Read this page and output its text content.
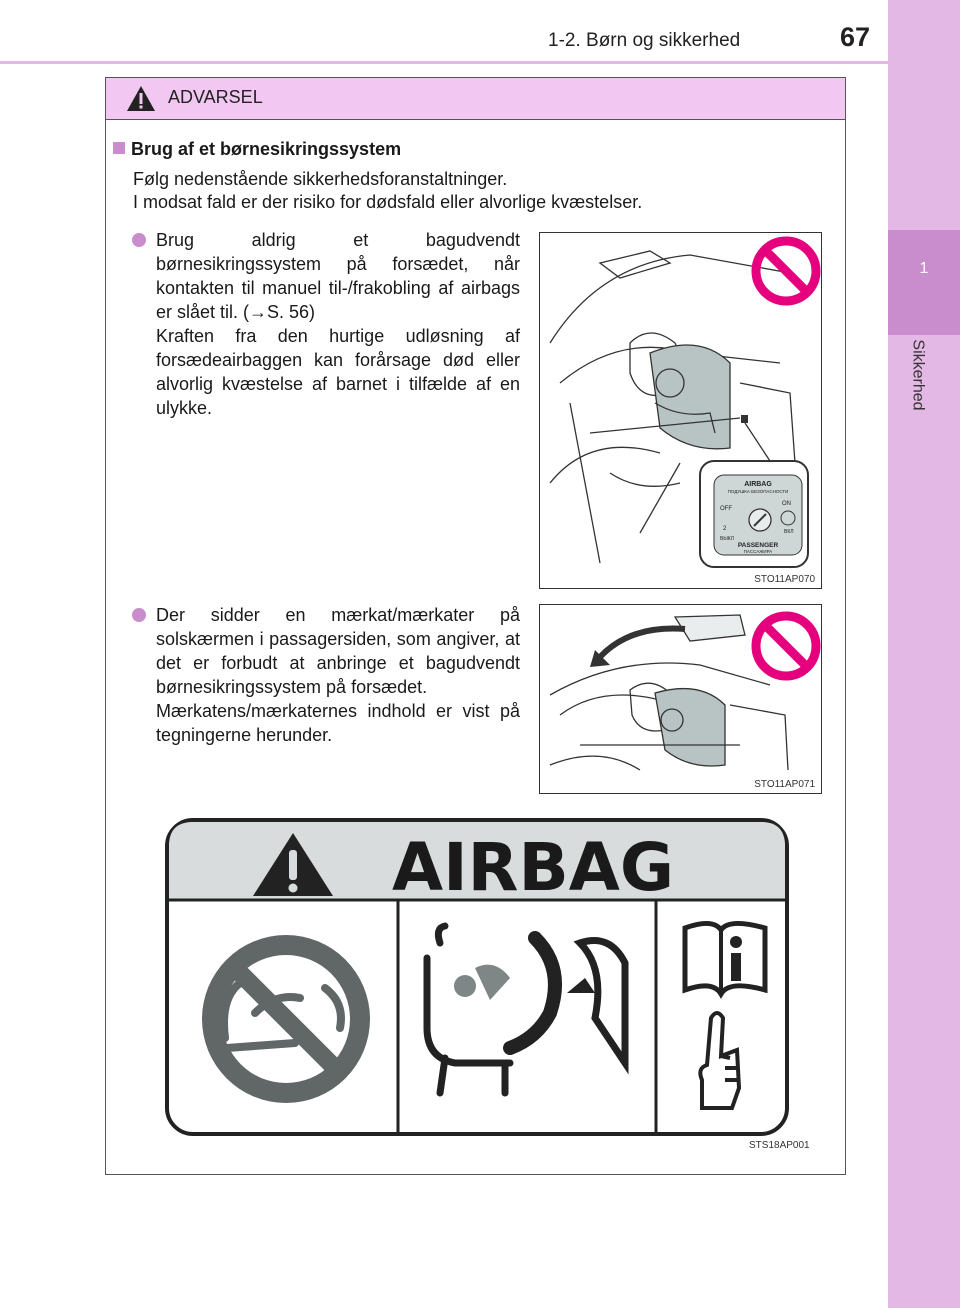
1
Sikkerhed
1-2. Børn og sikkerhed	67
ADVARSEL
Brug af et børnesikringssystem
Følg nedenstående sikkerhedsforanstaltninger.
I modsat fald er der risiko for dødsfald eller alvorlige kvæstelser.

Brug aldrig et bagudvendt børnesikringssystem på forsædet, når kontakten til manuel til-/frakobling af airbags er slået til. (→S. 56)

Kraften fra den hurtige udløsning af forsædeairbaggen kan forårsage død eller alvorlig kvæstelse af barnet i tilfælde af en ulykke.

Der sidder en mærkat/mærkater på solskærmen i passagersiden, som angiver, at det er forbudt at anbringe et bagudvendt børnesikringssystem på forsædet.

Mærkatens/mærkaternes indhold er vist på tegningerne herunder.

AIRBAG
ПОДУШКА БЕЗОПАСНОСТИ
OFF
ON
2
ВЫКЛ
ВКЛ
PASSENGER
ПАССАЖИРА
STO11AP070
STO11AP071
AIRBAG
STS18AP001
